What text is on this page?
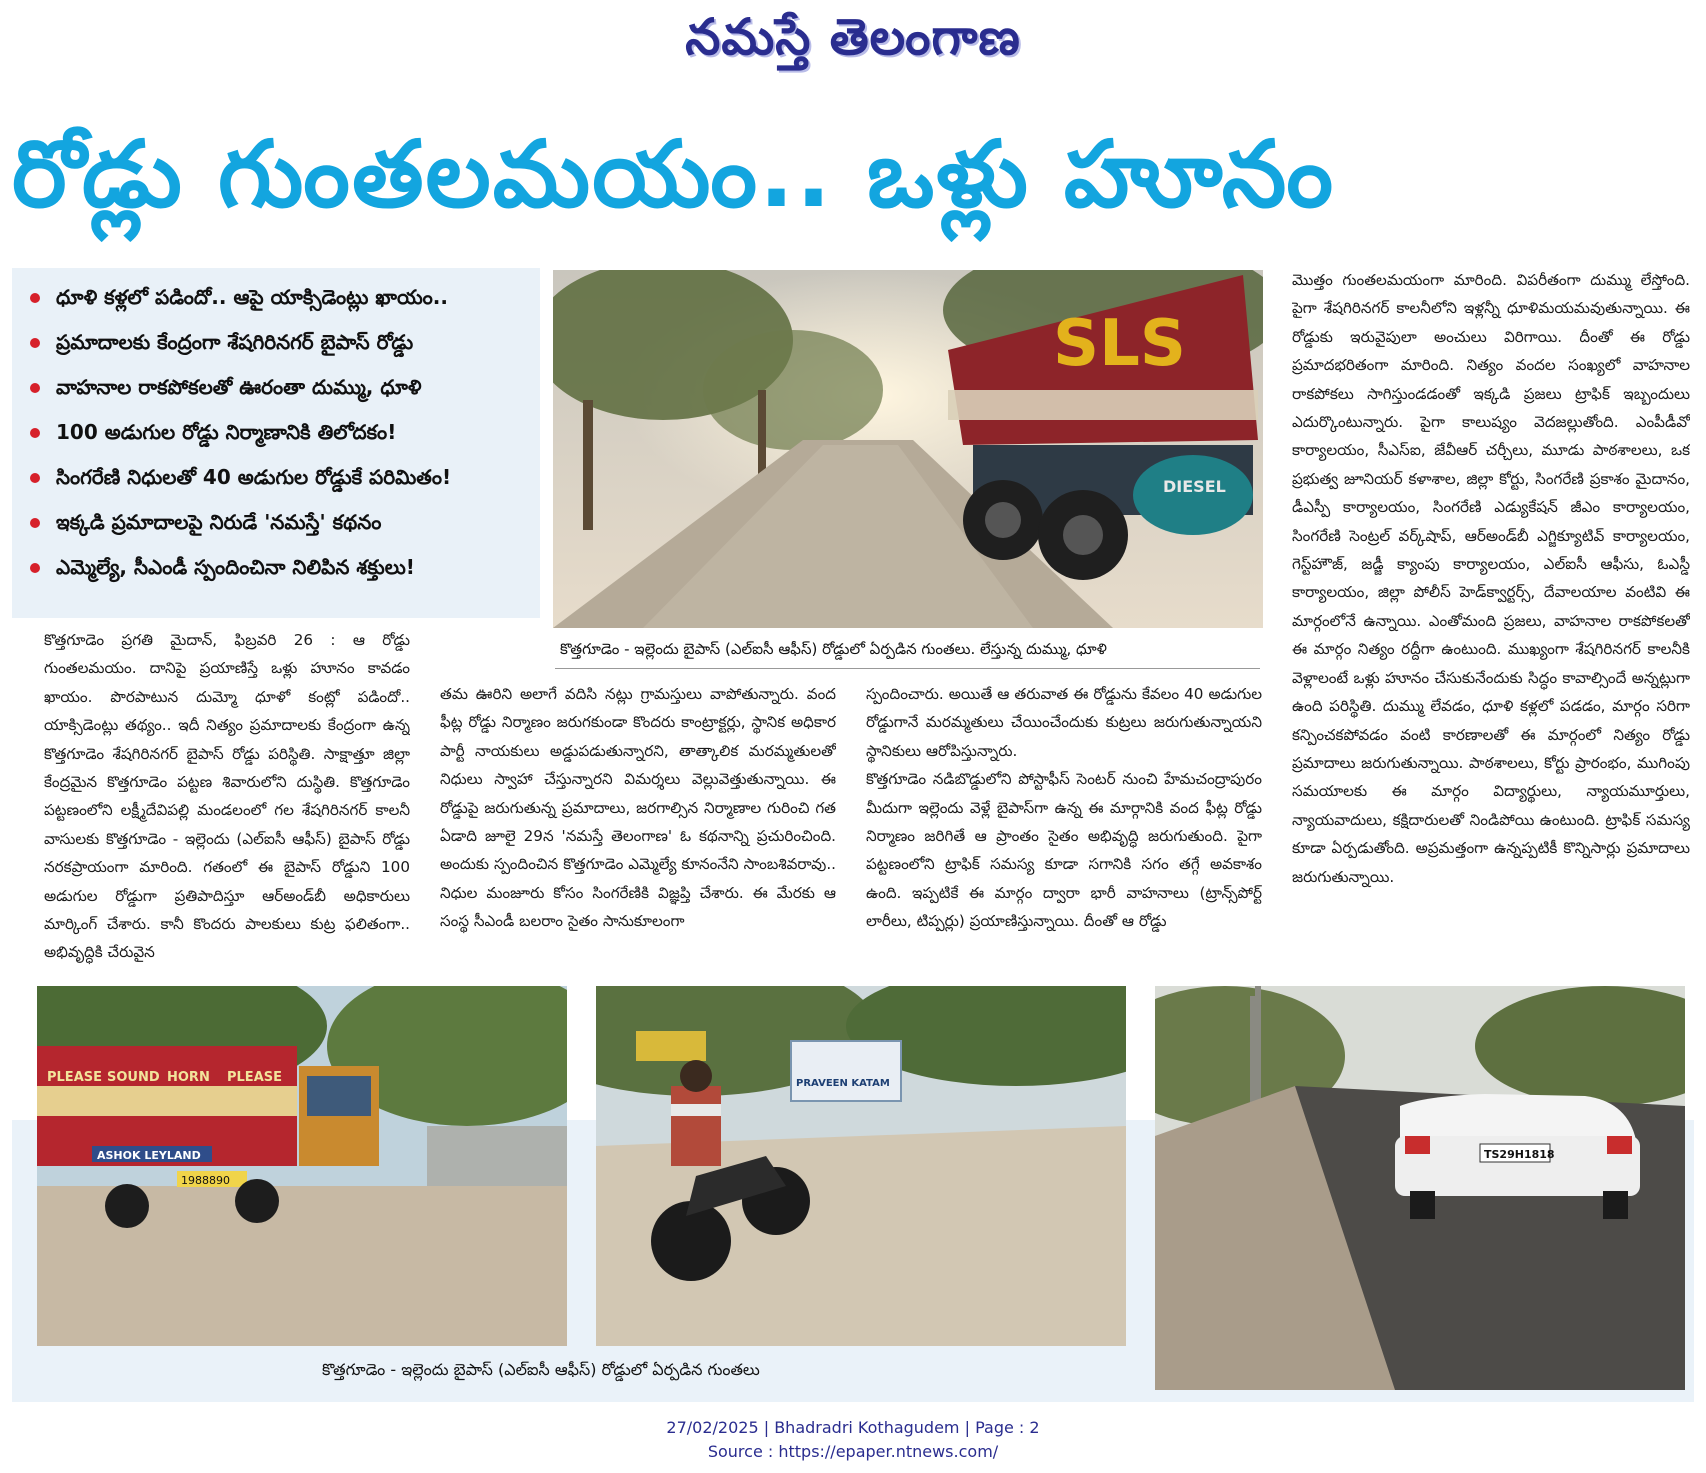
నమస్తే తెలంగాణ
రోడ్లు గుంతలమయం.. ఒళ్లు హూనం
ధూళి కళ్లలో పడిందో.. ఆపై యాక్సిడెంట్లు ఖాయం..
ప్రమాదాలకు కేంద్రంగా శేషగిరినగర్ బైపాస్ రోడ్డు
వాహనాల రాకపోకలతో ఊరంతా దుమ్ము, ధూళి
100 అడుగుల రోడ్డు నిర్మాణానికి తిలోదకం!
సింగరేణి నిధులతో 40 అడుగుల రోడ్డుకే పరిమితం!
ఇక్కడి ప్రమాదాలపై నిరుడే 'నమస్తే' కథనం
ఎమ్మెల్యే, సీఎండీ స్పందించినా నిలిపిన శక్తులు!
SLS
DIESEL
కొత్తగూడెం - ఇల్లెందు బైపాస్ (ఎల్ఐసీ ఆఫీస్) రోడ్డులో ఏర్పడిన గుంతలు. లేస్తున్న దుమ్ము, ధూళి
కొత్తగూడెం ప్రగతి మైదాన్, ఫిబ్రవరి 26 : ఆ రోడ్డు గుంతలమయం. దానిపై ప్రయాణిస్తే ఒళ్లు హూనం కావడం ఖాయం. పొరపాటున దుమ్మో ధూళో కంట్లో పడిందో.. యాక్సిడెంట్లు తథ్యం.. ఇదీ నిత్యం ప్రమాదాలకు కేంద్రంగా ఉన్న కొత్తగూడెం శేషగిరినగర్ బైపాస్ రోడ్డు పరిస్థితి. సాక్షాత్తూ జిల్లా కేంద్రమైన కొత్తగూడెం పట్టణ శివారులోని దుస్థితి. కొత్తగూడెం పట్టణంలోని లక్ష్మీదేవిపల్లి మండలంలో గల శేషగిరినగర్ కాలనీ వాసులకు కొత్తగూడెం - ఇల్లెందు (ఎల్ఐసీ ఆఫీస్) బైపాస్ రోడ్డు నరకప్రాయంగా మారింది. గతంలో ఈ బైపాస్ రోడ్డుని 100 అడుగుల రోడ్డుగా ప్రతిపాదిస్తూ ఆర్అండ్‌బీ అధికారులు మార్కింగ్ చేశారు. కానీ కొందరు పాలకులు కుట్ర ఫలితంగా.. అభివృద్ధికి చేరువైన
తమ ఊరిని అలాగే వదిసి నట్లు గ్రామస్తులు వాపోతున్నారు. వంద ఫీట్ల రోడ్డు నిర్మాణం జరుగకుండా కొందరు కాంట్రాక్టర్లు, స్థానిక అధికార పార్టీ నాయకులు అడ్డుపడుతున్నారని, తాత్కాలిక మరమ్మతులతో నిధులు స్వాహా చేస్తున్నారని విమర్శలు వెల్లువెత్తుతున్నాయి. ఈ రోడ్డుపై జరుగుతున్న ప్రమాదాలు, జరగాల్సిన నిర్మాణాల గురించి గత ఏడాది జూలై 29న 'నమస్తే తెలంగాణ' ఓ కథనాన్ని ప్రచురించింది. అందుకు స్పందించిన కొత్తగూడెం ఎమ్మెల్యే కూనంనేని సాంబశివరావు.. నిధుల మంజూరు కోసం సింగరేణికి విజ్ఞప్తి చేశారు. ఈ మేరకు ఆ సంస్థ సీఎండీ బలరాం సైతం సానుకూలంగా
స్పందించారు. అయితే ఆ తరువాత ఈ రోడ్డును కేవలం 40 అడుగుల రోడ్డుగానే మరమ్మతులు చేయించేందుకు కుట్రలు జరుగుతున్నాయని స్థానికులు ఆరోపిస్తున్నారు.
కొత్తగూడెం నడిబొడ్డులోని పోస్టాఫీస్ సెంటర్ నుంచి హేమచంద్రాపురం మీదుగా ఇల్లెందు వెళ్లే బైపాస్‌గా ఉన్న ఈ మార్గానికి వంద ఫీట్ల రోడ్డు నిర్మాణం జరిగితే ఆ ప్రాంతం సైతం అభివృద్ధి జరుగుతుంది. పైగా పట్టణంలోని ట్రాఫిక్ సమస్య కూడా సగానికి సగం తగ్గే అవకాశం ఉంది. ఇప్పటికే ఈ మార్గం ద్వారా భారీ వాహనాలు (ట్రాన్స్‌పోర్ట్ లారీలు, టిప్పర్లు) ప్రయాణిస్తున్నాయి. దీంతో ఆ రోడ్డు
మొత్తం గుంతలమయంగా మారింది. విపరీతంగా దుమ్ము లేస్తోంది. పైగా శేషగిరినగర్ కాలనీలోని ఇళ్లన్నీ ధూళిమయమవుతున్నాయి. ఈ రోడ్డుకు ఇరువైపులా అంచులు విరిగాయి. దీంతో ఈ రోడ్డు ప్రమాదభరితంగా మారింది. నిత్యం వందల సంఖ్యలో వాహనాల రాకపోకలు సాగిస్తుండడంతో ఇక్కడి ప్రజలు ట్రాఫిక్ ఇబ్బందులు ఎదుర్కొంటున్నారు. పైగా కాలుష్యం వెదజల్లుతోంది. ఎంపీడీవో కార్యాలయం, సీఎస్ఐ, జేవీఆర్ చర్చీలు, మూడు పాఠశాలలు, ఒక ప్రభుత్వ జూనియర్ కళాశాల, జిల్లా కోర్టు, సింగరేణి ప్రకాశం మైదానం, డీఎస్పీ కార్యాలయం, సింగరేణి ఎడ్యుకేషన్ జీఎం కార్యాలయం, సింగరేణి సెంట్రల్ వర్క్‌షాప్, ఆర్అండ్‌బీ ఎగ్జిక్యూటివ్ కార్యాలయం, గెస్ట్‌హౌజ్, జడ్జీ క్యాంపు కార్యాలయం, ఎల్ఐసీ ఆఫీసు, ఓఎస్డీ కార్యాలయం, జిల్లా పోలీస్ హెడ్‌క్వార్టర్స్, దేవాలయాల వంటివి ఈ మార్గంలోనే ఉన్నాయి. ఎంతోమంది ప్రజలు, వాహనాల రాకపోకలతో ఈ మార్గం నిత్యం రద్దీగా ఉంటుంది. ముఖ్యంగా శేషగిరినగర్ కాలనీకి వెళ్లాలంటే ఒళ్లు హూనం చేసుకునేందుకు సిద్ధం కావాల్సిందే అన్నట్లుగా ఉంది పరిస్థితి. దుమ్ము లేవడం, ధూళి కళ్లలో పడడం, మార్గం సరిగా కన్పించకపోవడం వంటి కారణాలతో ఈ మార్గంలో నిత్యం రోడ్డు ప్రమాదాలు జరుగుతున్నాయి. పాఠశాలలు, కోర్టు ప్రారంభం, ముగింపు సమయాలకు ఈ మార్గం విద్యార్థులు, న్యాయమూర్తులు, న్యాయవాదులు, కక్షిదారులతో నిండిపోయి ఉంటుంది. ట్రాఫిక్ సమస్య కూడా ఏర్పడుతోంది. అప్రమత్తంగా ఉన్నప్పటికీ కొన్నిసార్లు ప్రమాదాలు జరుగుతున్నాయి.
PLEASE SOUND HORN PLEASE
ASHOK LEYLAND
1988890
PRAVEEN KATAM
TS29H1818
కొత్తగూడెం - ఇల్లెందు బైపాస్ (ఎల్ఐసీ ఆఫీస్) రోడ్డులో ఏర్పడిన గుంతలు
27/02/2025 | Bhadradri Kothagudem | Page : 2
Source : https://epaper.ntnews.com/
